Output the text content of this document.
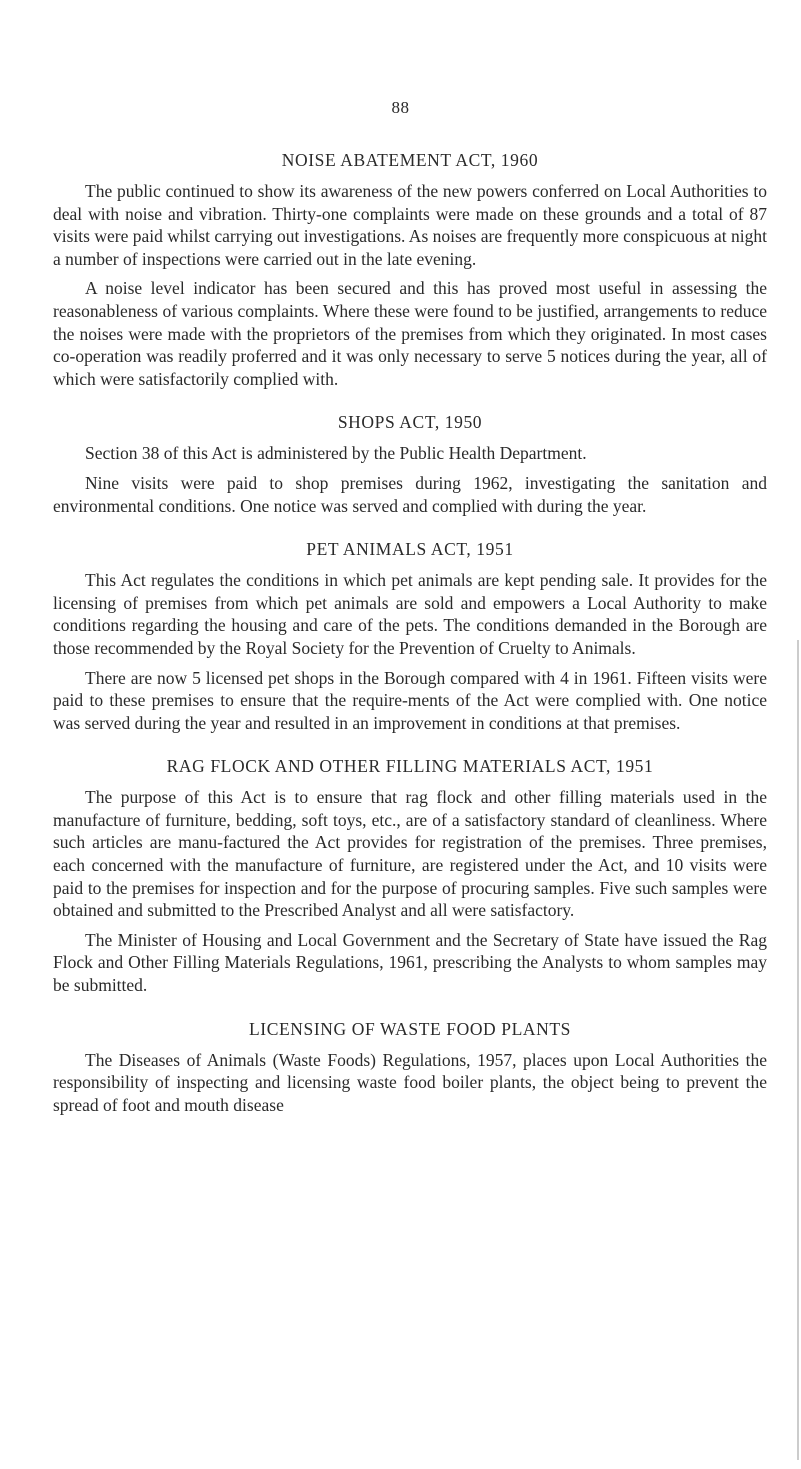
88
NOISE ABATEMENT ACT, 1960

The public continued to show its awareness of the new powers conferred on Local Authorities to deal with noise and vibration. Thirty-one complaints were made on these grounds and a total of 87 visits were paid whilst carrying out investigations. As noises are frequently more conspicuous at night a number of inspections were carried out in the late evening.

A noise level indicator has been secured and this has proved most useful in assessing the reasonableness of various complaints. Where these were found to be justified, arrangements to reduce the noises were made with the proprietors of the premises from which they originated. In most cases co-operation was readily proferred and it was only necessary to serve 5 notices during the year, all of which were satisfactorily complied with.

SHOPS ACT, 1950

Section 38 of this Act is administered by the Public Health Department.

Nine visits were paid to shop premises during 1962, investigating the sanitation and environmental conditions. One notice was served and complied with during the year.

PET ANIMALS ACT, 1951

This Act regulates the conditions in which pet animals are kept pending sale. It provides for the licensing of premises from which pet animals are sold and empowers a Local Authority to make conditions regarding the housing and care of the pets. The conditions demanded in the Borough are those recommended by the Royal Society for the Prevention of Cruelty to Animals.

There are now 5 licensed pet shops in the Borough compared with 4 in 1961. Fifteen visits were paid to these premises to ensure that the require-ments of the Act were complied with. One notice was served during the year and resulted in an improvement in conditions at that premises.

RAG FLOCK AND OTHER FILLING MATERIALS ACT, 1951

The purpose of this Act is to ensure that rag flock and other filling materials used in the manufacture of furniture, bedding, soft toys, etc., are of a satisfactory standard of cleanliness. Where such articles are manu-factured the Act provides for registration of the premises. Three premises, each concerned with the manufacture of furniture, are registered under the Act, and 10 visits were paid to the premises for inspection and for the purpose of procuring samples. Five such samples were obtained and submitted to the Prescribed Analyst and all were satisfactory.

The Minister of Housing and Local Government and the Secretary of State have issued the Rag Flock and Other Filling Materials Regulations, 1961, prescribing the Analysts to whom samples may be submitted.

LICENSING OF WASTE FOOD PLANTS

The Diseases of Animals (Waste Foods) Regulations, 1957, places upon Local Authorities the responsibility of inspecting and licensing waste food boiler plants, the object being to prevent the spread of foot and mouth disease
